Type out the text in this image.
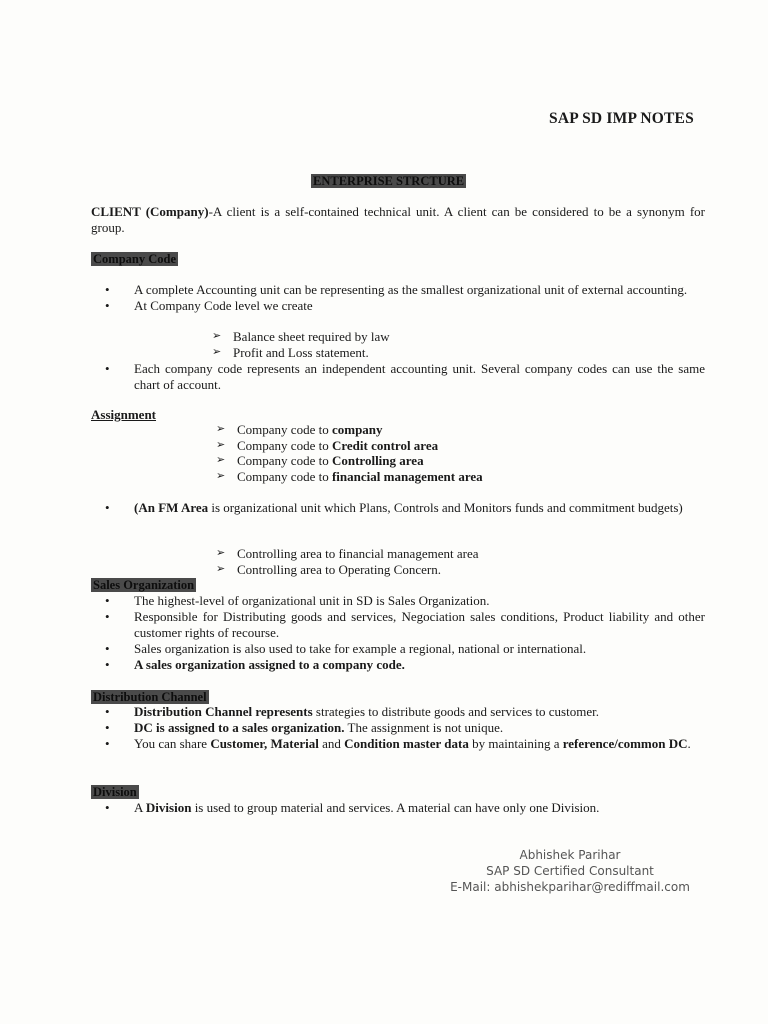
SAP SD IMP NOTES
ENTERPRISE STRCTURE
CLIENT (Company)-A client is a self-contained technical unit. A client can be considered to be a synonym for group.
Company Code
• A complete Accounting unit can be representing as the smallest organizational unit of external accounting.
• At Company Code level we create
➢ Balance sheet required by law
➢ Profit and Loss statement.
• Each company code represents an independent accounting unit. Several company codes can use the same chart of account.
Assignment
➢ Company code to company
➢ Company code to Credit control area
➢ Company code to Controlling area
➢ Company code to financial management area
• (An FM Area is organizational unit which Plans, Controls and Monitors funds and commitment budgets)
➢ Controlling area to financial management area
➢ Controlling area to Operating Concern.
Sales Organization
• The highest-level of organizational unit in SD is Sales Organization.
• Responsible for Distributing goods and services, Negociation sales conditions, Product liability and other customer rights of recourse.
• Sales organization is also used to take for example a regional, national or international.
• A sales organization assigned to a company code.
Distribution Channel
• Distribution Channel represents strategies to distribute goods and services to customer.
• DC is assigned to a sales organization. The assignment is not unique.
• You can share Customer, Material and Condition master data by maintaining a reference/common DC.
Division
• A Division is used to group material and services. A material can have only one Division.
Abhishek Parihar
SAP SD Certified Consultant
E-Mail: abhishekparihar@rediffmail.com
